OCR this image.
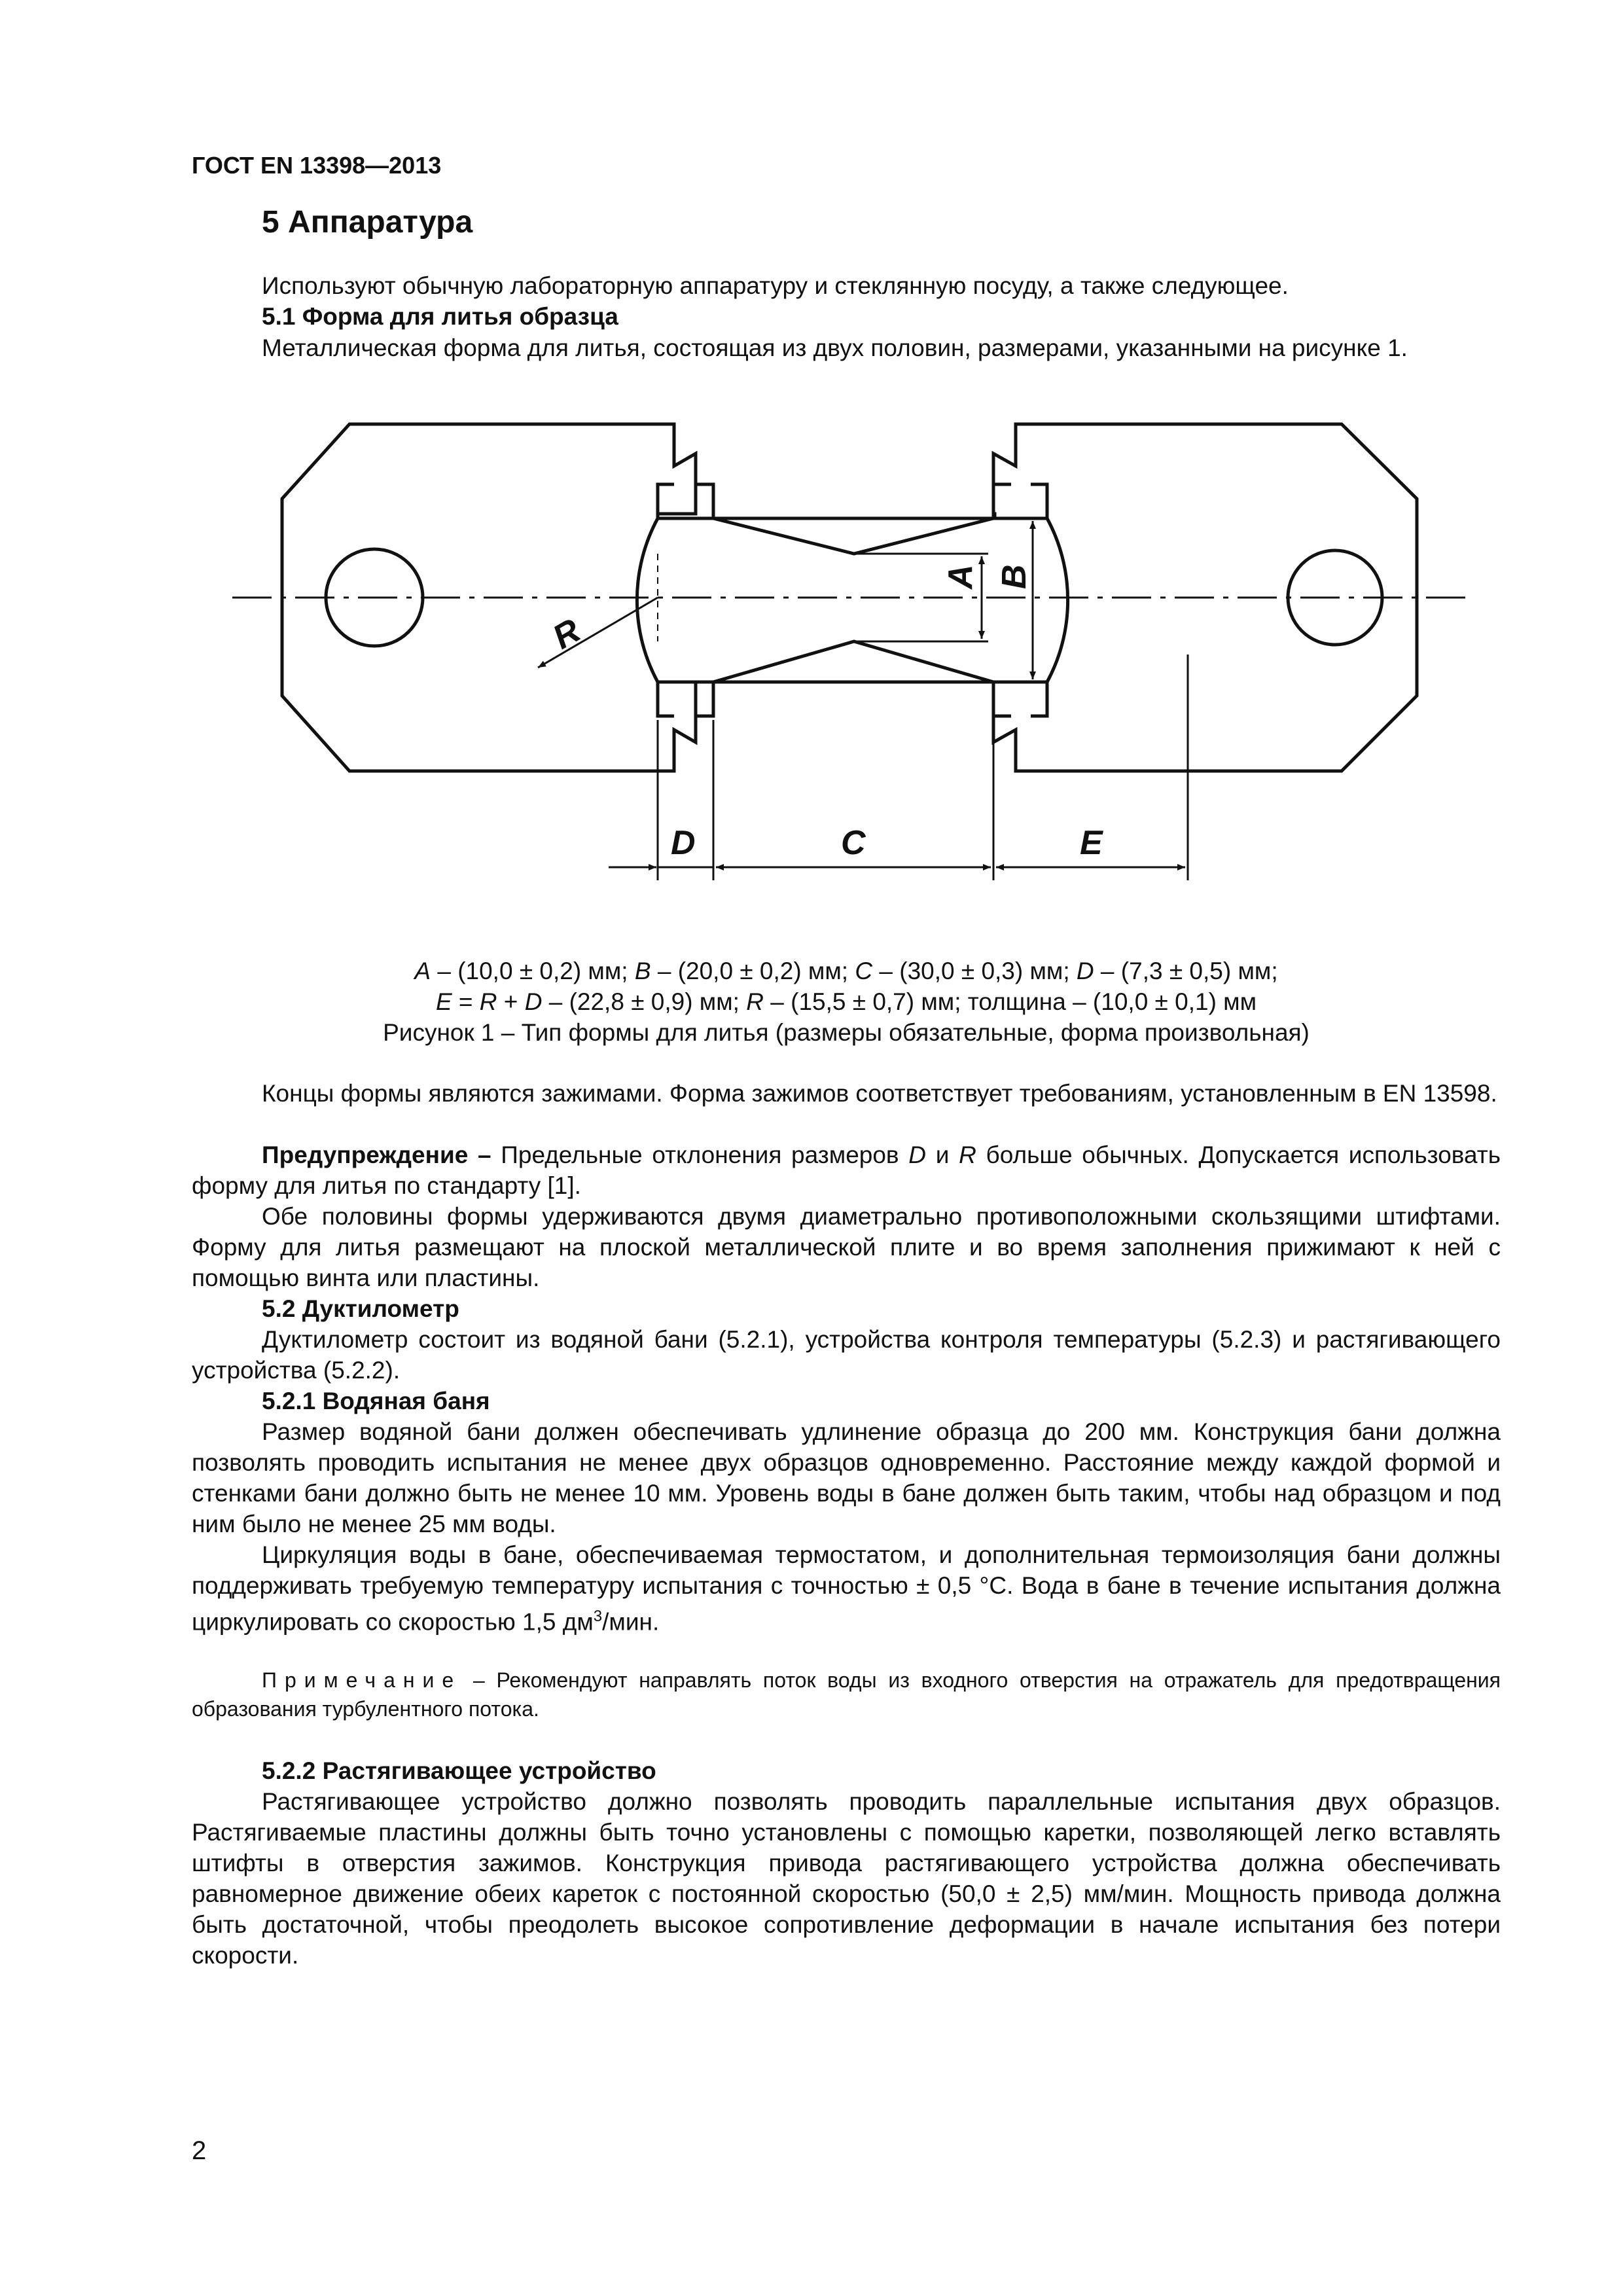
ГОСТ EN 13398—2013
5 Аппаратура

Используют обычную лабораторную аппаратуру и стеклянную посуду, а также следующее.

5.1 Форма для литья образца

Металлическая форма для литья, состоящая из двух половин, размерами, указанными на рисунке 1.

R
A B
D	C	E
A – (10,0 ± 0,2) мм; B – (20,0 ± 0,2) мм; C – (30,0 ± 0,3) мм; D – (7,3 ± 0,5) мм;
E = R + D – (22,8 ± 0,9) мм; R – (15,5 ± 0,7) мм; толщина – (10,0 ± 0,1) мм
Рисунок 1 – Тип формы для литья (размеры обязательные, форма произвольная)

Концы формы являются зажимами. Форма зажимов соответствует требованиям, установленным в EN 13598.

Предупреждение – Предельные отклонения размеров D и R больше обычных. Допускается использовать форму для литья по стандарту [1].

Обе половины формы удерживаются двумя диаметрально противоположными скользящими штифтами. Форму для литья размещают на плоской металлической плите и во время заполнения прижимают к ней с помощью винта или пластины.

5.2 Дуктилометр

Дуктилометр состоит из водяной бани (5.2.1), устройства контроля температуры (5.2.3) и растягивающего устройства (5.2.2).

5.2.1 Водяная баня

Размер водяной бани должен обеспечивать удлинение образца до 200 мм. Конструкция бани должна позволять проводить испытания не менее двух образцов одновременно. Расстояние между каждой формой и стенками бани должно быть не менее 10 мм. Уровень воды в бане должен быть таким, чтобы над образцом и под ним было не менее 25 мм воды.

Циркуляция воды в бане, обеспечиваемая термостатом, и дополнительная термоизоляция бани должны поддерживать требуемую температуру испытания с точностью ± 0,5 °C. Вода в бане в течение испытания должна циркулировать со скоростью 1,5 $дм^3$/мин.

Примечание – Рекомендуют направлять поток воды из входного отверстия на отражатель для предотвращения образования турбулентного потока.

5.2.2 Растягивающее устройство

Растягивающее устройство должно позволять проводить параллельные испытания двух образцов. Растягиваемые пластины должны быть точно установлены с помощью каретки, позволяющей легко вставлять штифты в отверстия зажимов. Конструкция привода растягивающего устройства должна обеспечивать равномерное движение обеих кареток с постоянной скоростью (50,0 ± 2,5) мм/мин. Мощность привода должна быть достаточной, чтобы преодолеть высокое сопротивление деформации в начале испытания без потери скорости.

2
